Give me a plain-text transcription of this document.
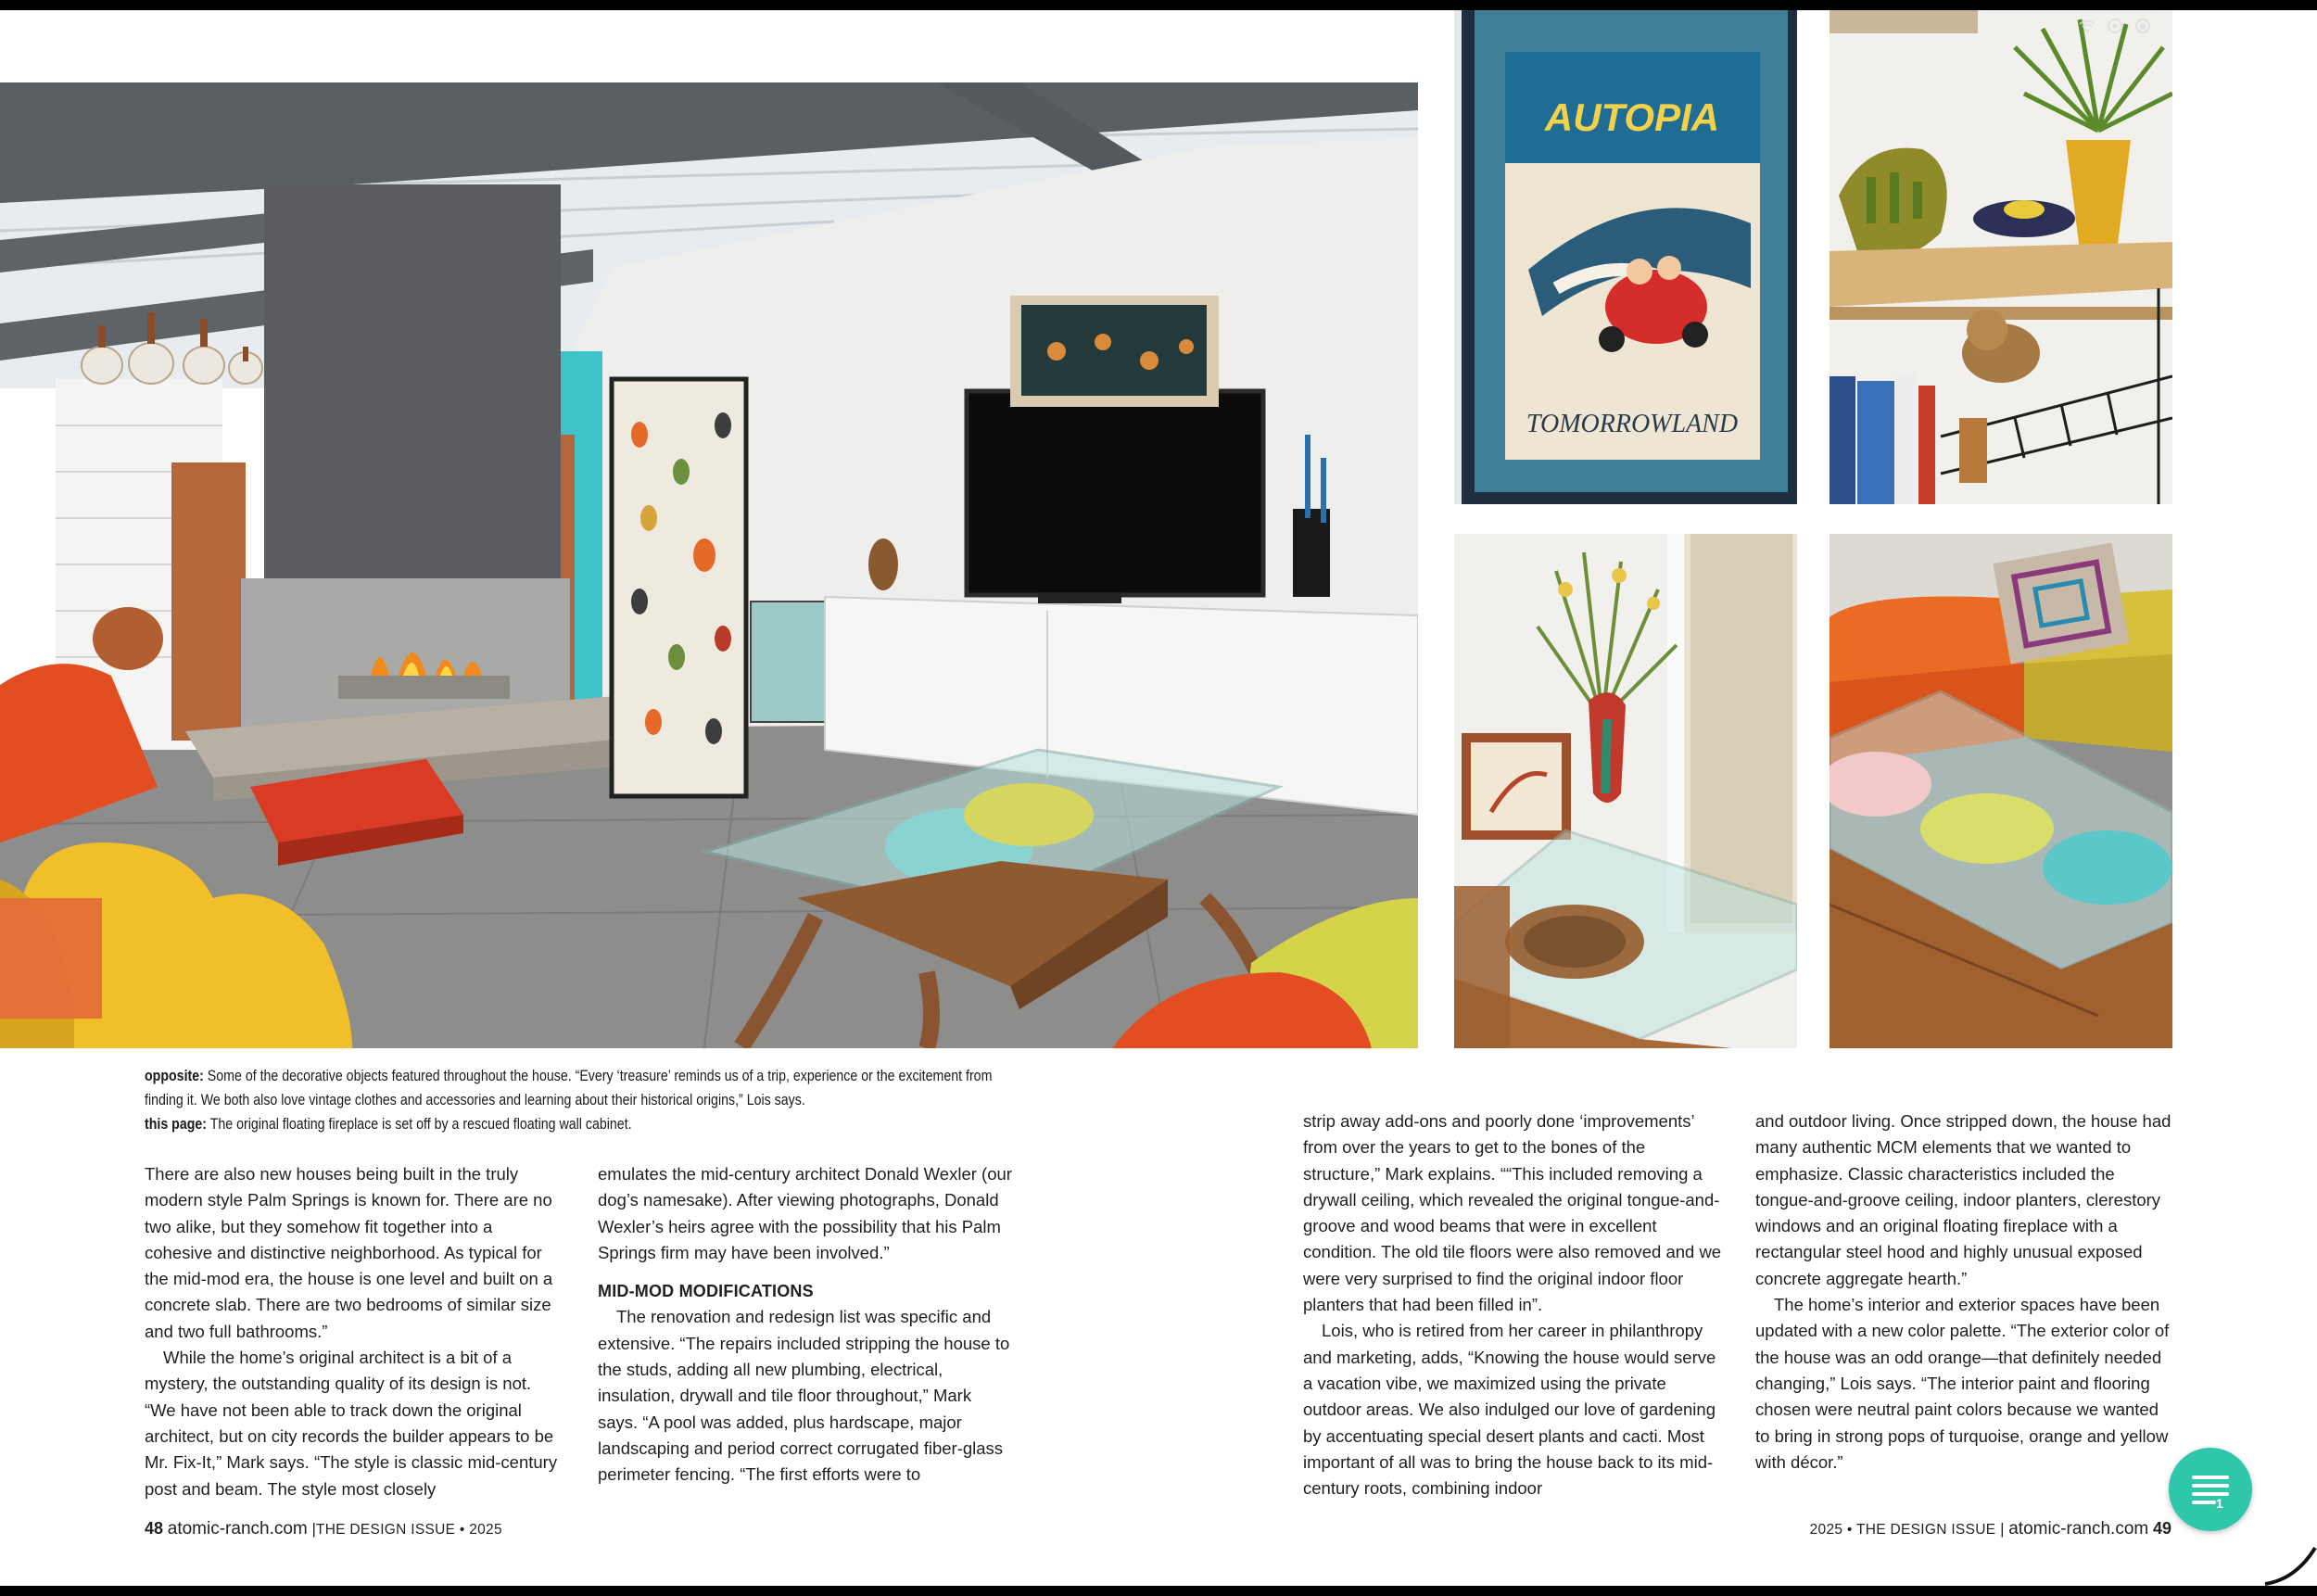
AUTOPIA
TOMORROWLAND

opposite: Some of the decorative objects featured throughout the house. “Every ‘treasure’ reminds us of a trip, experience or the excitement from finding it. We both also love vintage clothes and accessories and learning about their historical origins,” Lois says.

this page: The original floating fireplace is set off by a rescued floating wall cabinet.

There are also new houses being built in the truly modern style Palm Springs is known for. There are no two alike, but they somehow fit together into a cohesive and distinctive neighborhood. As typical for the mid-mod era, the house is one level and built on a concrete slab. There are two bedrooms of similar size and two full bathrooms.”

While the home’s original architect is a bit of a mystery, the outstanding quality of its design is not. “We have not been able to track down the original architect, but on city records the builder appears to be Mr. Fix-It,” Mark says. “The style is classic mid-century post and beam. The style most closely

emulates the mid-century architect Donald Wexler (our dog’s namesake). After viewing photographs, Donald Wexler’s heirs agree with the possibility that his Palm Springs firm may have been involved.”

MID-MOD MODIFICATIONS

The renovation and redesign list was specific and extensive. “The repairs included stripping the house to the studs, adding all new plumbing, electrical, insulation, drywall and tile floor throughout,” Mark says. “A pool was added, plus hardscape, major landscaping and period correct corrugated fiber-glass perimeter fencing. “The first efforts were to

strip away add-ons and poorly done ‘improvements’ from over the years to get to the bones of the structure,” Mark explains. ““This included removing a drywall ceiling, which revealed the original tongue-and-groove and wood beams that were in excellent condition. The old tile floors were also removed and we were very surprised to find the original indoor floor planters that had been filled in”.

Lois, who is retired from her career in philanthropy and marketing, adds, “Knowing the house would serve a vacation vibe, we maximized using the private outdoor areas. We also indulged our love of gardening by accentuating special desert plants and cacti. Most important of all was to bring the house back to its mid-century roots, combining indoor

and outdoor living. Once stripped down, the house had many authentic MCM elements that we wanted to emphasize. Classic characteristics included the tongue-and-groove ceiling, indoor planters, clerestory windows and an original floating fireplace with a rectangular steel hood and highly unusual exposed concrete aggregate hearth.”

The home’s interior and exterior spaces have been updated with a new color palette. “The exterior color of the house was an odd orange—that definitely needed changing,” Lois says. “The interior paint and flooring chosen were neutral paint colors because we wanted to bring in strong pops of turquoise, orange and yellow with décor.”

48 atomic-ranch.com |THE DESIGN ISSUE • 2025	2025 • THE DESIGN ISSUE | atomic-ranch.com 49
1
